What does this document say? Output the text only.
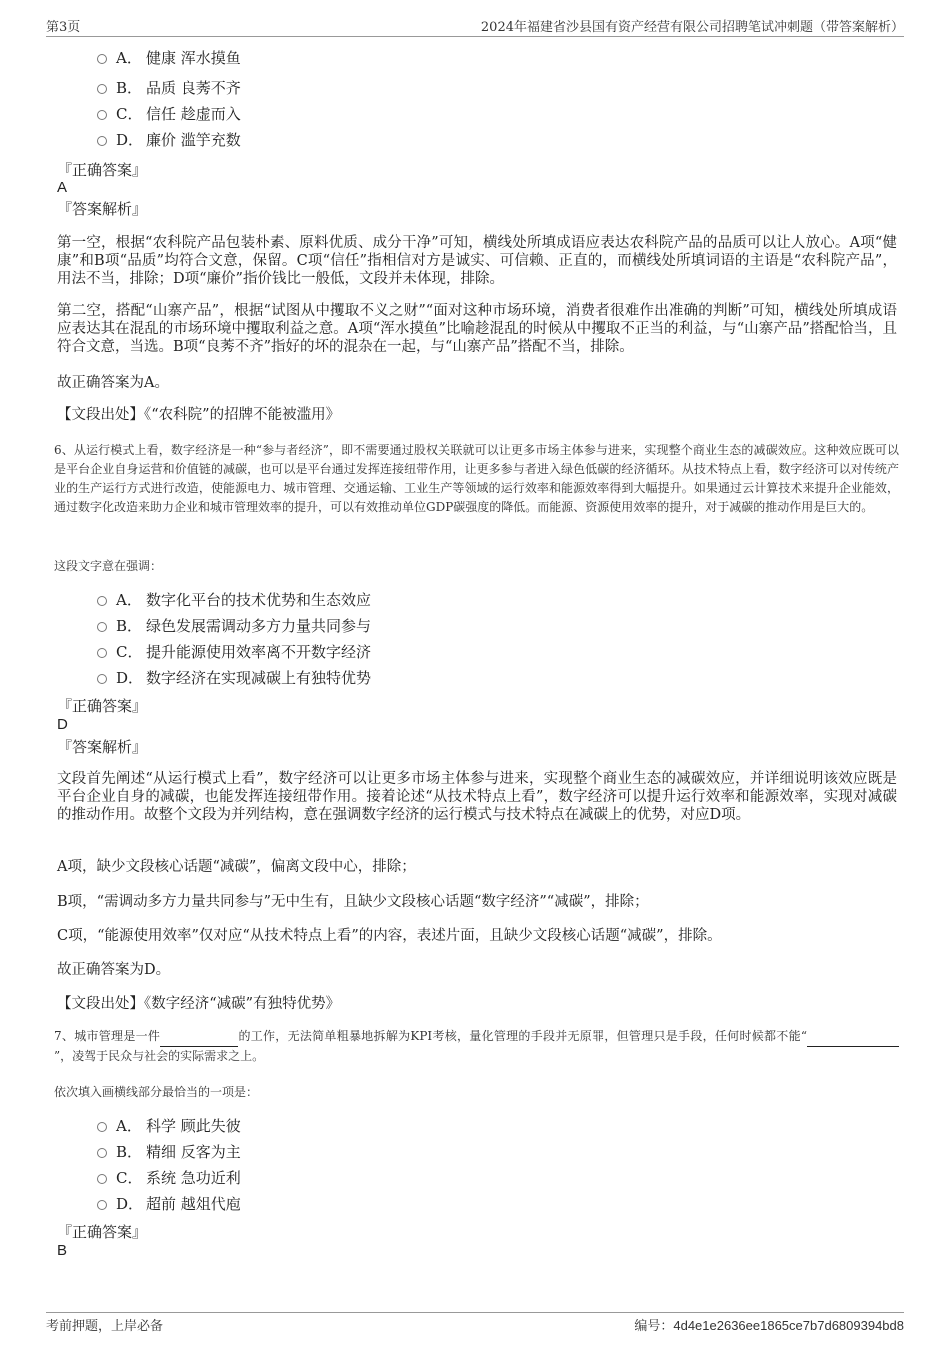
第3页	2024年福建省沙县国有资产经营有限公司招聘笔试冲刺题（带答案解析）
A． 健康 浑水摸鱼
B． 品质 良莠不齐
C． 信任 趁虚而入
D． 廉价 滥竽充数
『正确答案』
A
『答案解析』
第一空，根据“农科院产品包装朴素、原料优质、成分干净”可知，横线处所填成语应表达农科院产品的品质可以让人放心。A项“健康”和B项“品质”均符合文意，保留。C项“信任”指相信对方是诚实、可信赖、正直的，而横线处所填词语的主语是“农科院产品”，用法不当，排除；D项“廉价”指价钱比一般低，文段并未体现，排除。
第二空，搭配“山寨产品”，根据“试图从中攫取不义之财”“面对这种市场环境，消费者很难作出准确的判断”可知，横线处所填成语应表达其在混乱的市场环境中攫取利益之意。A项“浑水摸鱼”比喻趁混乱的时候从中攫取不正当的利益，与“山寨产品”搭配恰当，且符合文意，当选。B项“良莠不齐”指好的坏的混杂在一起，与“山寨产品”搭配不当，排除。
故正确答案为A。
【文段出处】《“农科院”的招牌不能被滥用》
6、从运行模式上看，数字经济是一种“参与者经济”，即不需要通过股权关联就可以让更多市场主体参与进来，实现整个商业生态的减碳效应。这种效应既可以是平台企业自身运营和价值链的减碳，也可以是平台通过发挥连接纽带作用，让更多参与者进入绿色低碳的经济循环。从技术特点上看，数字经济可以对传统产业的生产运行方式进行改造，使能源电力、城市管理、交通运输、工业生产等领域的运行效率和能源效率得到大幅提升。如果通过云计算技术来提升企业能效，通过数字化改造来助力企业和城市管理效率的提升，可以有效推动单位GDP碳强度的降低。而能源、资源使用效率的提升，对于减碳的推动作用是巨大的。
这段文字意在强调：
A． 数字化平台的技术优势和生态效应
B． 绿色发展需调动多方力量共同参与
C． 提升能源使用效率离不开数字经济
D． 数字经济在实现减碳上有独特优势
『正确答案』
D
『答案解析』
文段首先阐述“从运行模式上看”，数字经济可以让更多市场主体参与进来，实现整个商业生态的减碳效应，并详细说明该效应既是平台企业自身的减碳，也能发挥连接纽带作用。接着论述“从技术特点上看”，数字经济可以提升运行效率和能源效率，实现对减碳的推动作用。故整个文段为并列结构，意在强调数字经济的运行模式与技术特点在减碳上的优势，对应D项。
A项，缺少文段核心话题“减碳”，偏离文段中心，排除；
B项，“需调动多方力量共同参与”无中生有，且缺少文段核心话题“数字经济”“减碳”，排除；
C项，“能源使用效率”仅对应“从技术特点上看”的内容，表述片面，且缺少文段核心话题“减碳”，排除。
故正确答案为D。
【文段出处】《数字经济“减碳”有独特优势》
7、城市管理是一件	的工作，无法简单粗暴地拆解为KPI考核，量化管理的手段并无原罪，但管理只是手段，任何时候都不能“ ”，凌驾于民众与社会的实际需求之上。
依次填入画横线部分最恰当的一项是：
A． 科学 顾此失彼
B． 精细 反客为主
C． 系统 急功近利
D． 超前 越俎代庖
『正确答案』
B
考前押题，上岸必备	编号：4d4e1e2636ee1865ce7b7d6809394bd8
